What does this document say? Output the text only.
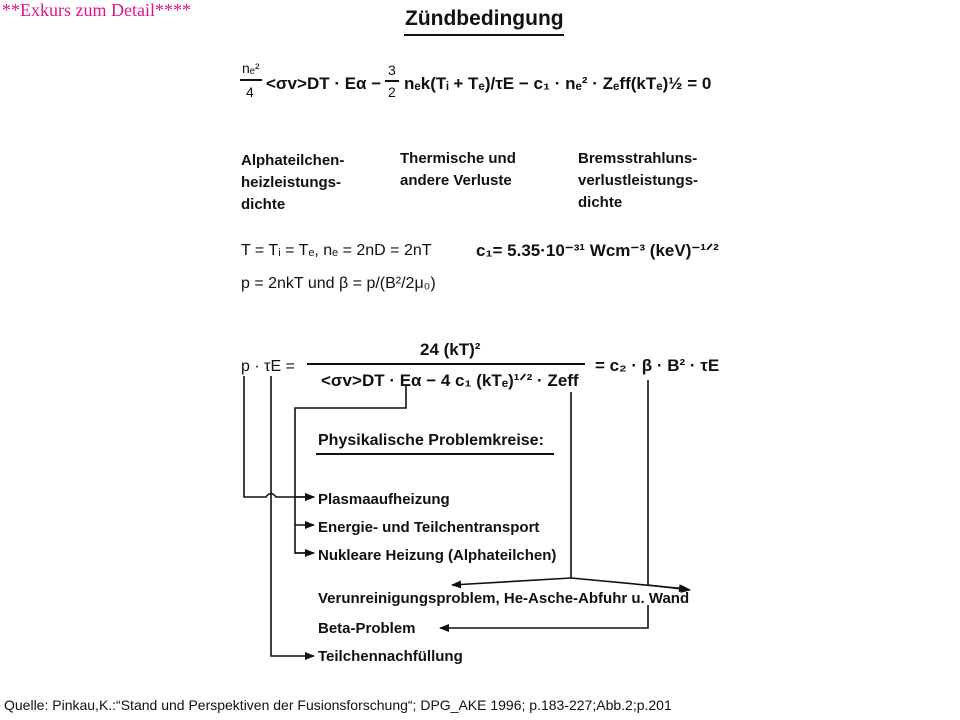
**Exkurs zum Detail****	Zündbedingung
nₑ²
4 <σv>DT · Eα −
3
2 nₑk(Tᵢ + Tₑ)/τE − c₁ · nₑ² · Zₑff(kTₑ)½ = 0
Alphateilchen-
heizleistungs-
dichte
Thermische und
andere Verluste
Bremsstrahluns-
verlustleistungs-
dichte
T = Tᵢ = Tₑ, nₑ = 2nD = 2nT	c₁= 5.35·10⁻³¹ Wcm⁻³ (keV)⁻¹ᐟ²
p = 2nkT und β = p/(B²/2μ₀)
p · τE =
24 (kT)²
<σv>DT · Eα − 4 c₁ (kTₑ)¹ᐟ² · Zeff
= c₂ · β · B² · τE
Physikalische Problemkreise:
Plasmaaufheizung
Energie- und Teilchentransport
Nukleare Heizung (Alphateilchen)
Verunreinigungsproblem, He-Asche-Abfuhr u. Wand
Beta-Problem
Teilchennachfüllung
Quelle: Pinkau,K.:“Stand und Perspektiven der Fusionsforschung“; DPG_AKE 1996; p.183-227;Abb.2;p.201
